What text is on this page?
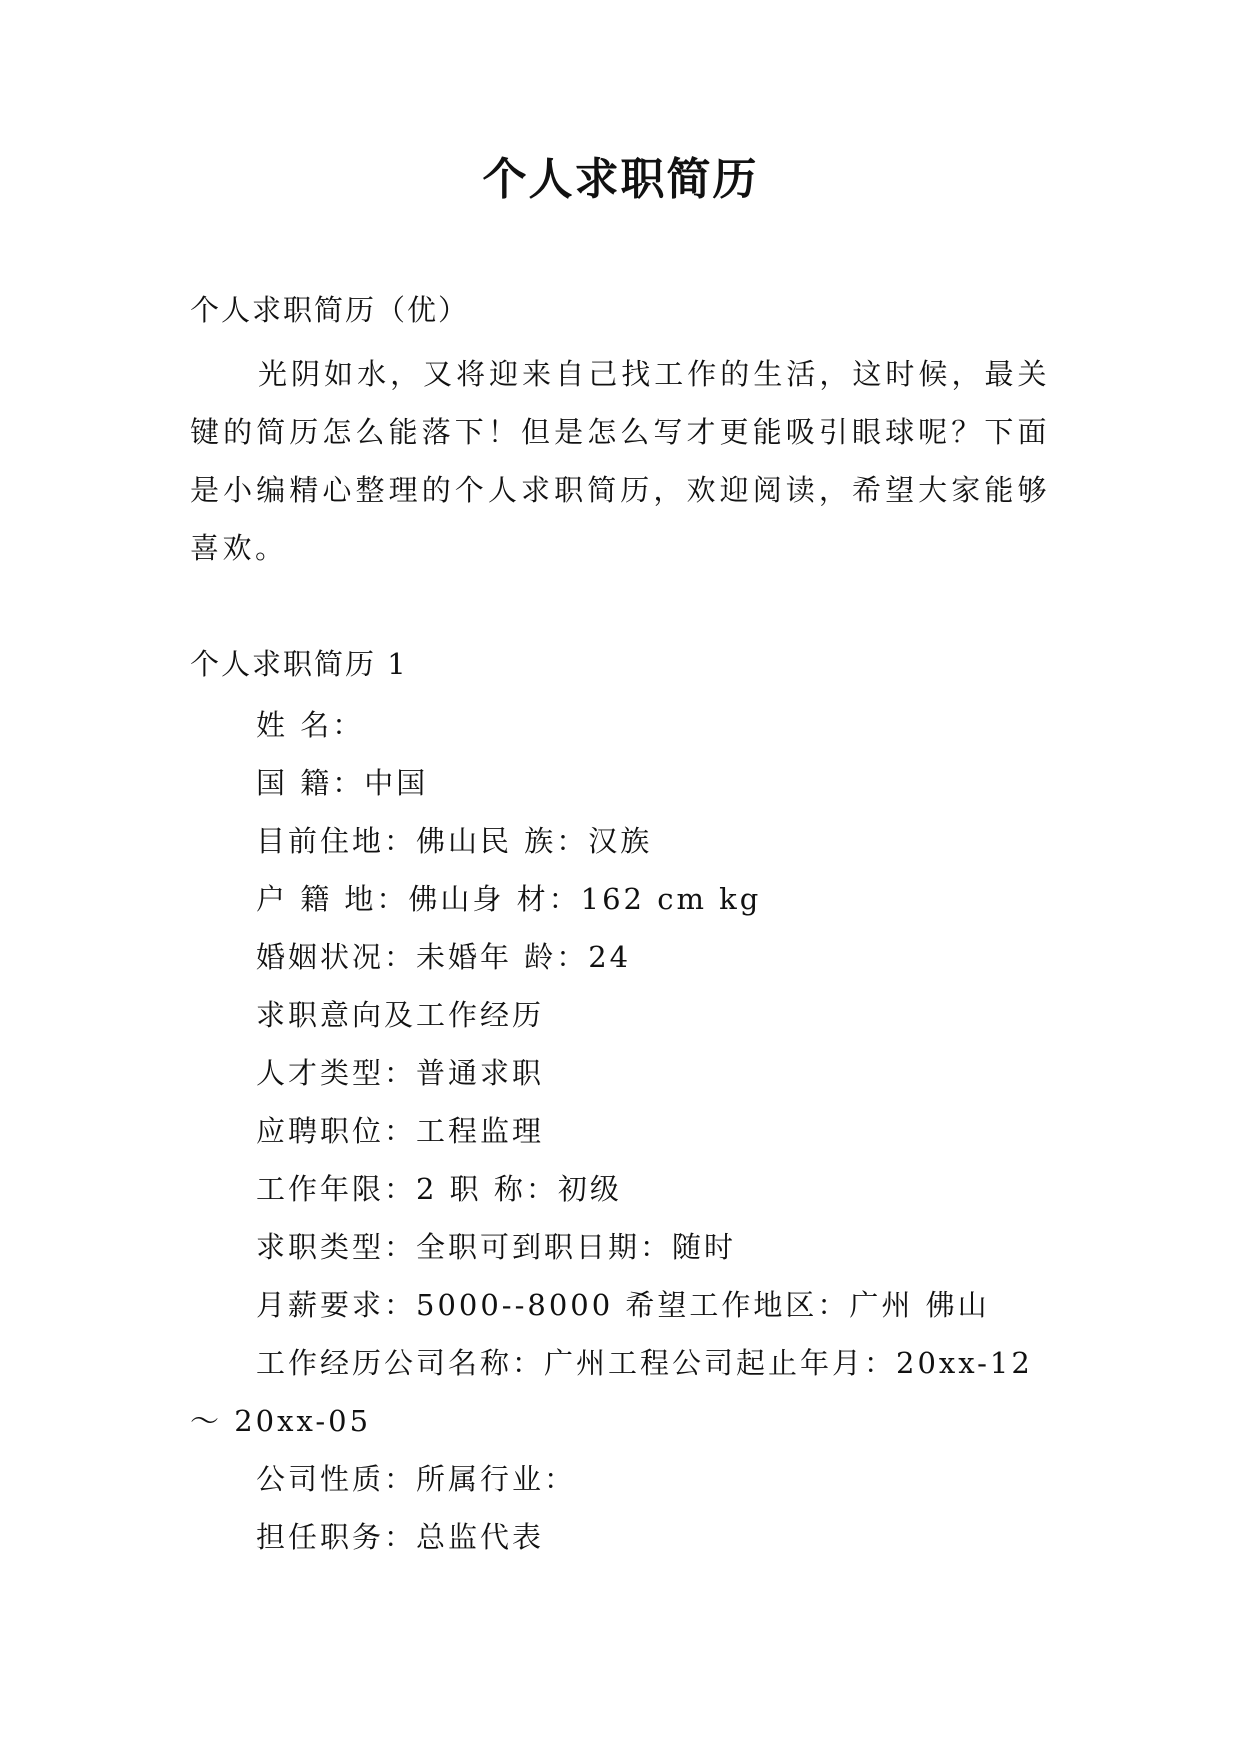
个人求职简历
个人求职简历（优）
光阴如水，又将迎来自己找工作的生活，这时候，最关键的简历怎么能落下！但是怎么写才更能吸引眼球呢？下面是小编精心整理的个人求职简历，欢迎阅读，希望大家能够喜欢。
个人求职简历 1
姓 名：
国 籍：中国
目前住地：佛山民 族：汉族
户 籍 地：佛山身 材：162 cm kg
婚姻状况：未婚年 龄：24
求职意向及工作经历
人才类型：普通求职
应聘职位：工程监理
工作年限：2 职 称：初级
求职类型：全职可到职日期：随时
月薪要求：5000--8000 希望工作地区：广州 佛山
工作经历公司名称：广州工程公司起止年月：20xx-12 ～ 20xx-05
公司性质：所属行业：
担任职务：总监代表
